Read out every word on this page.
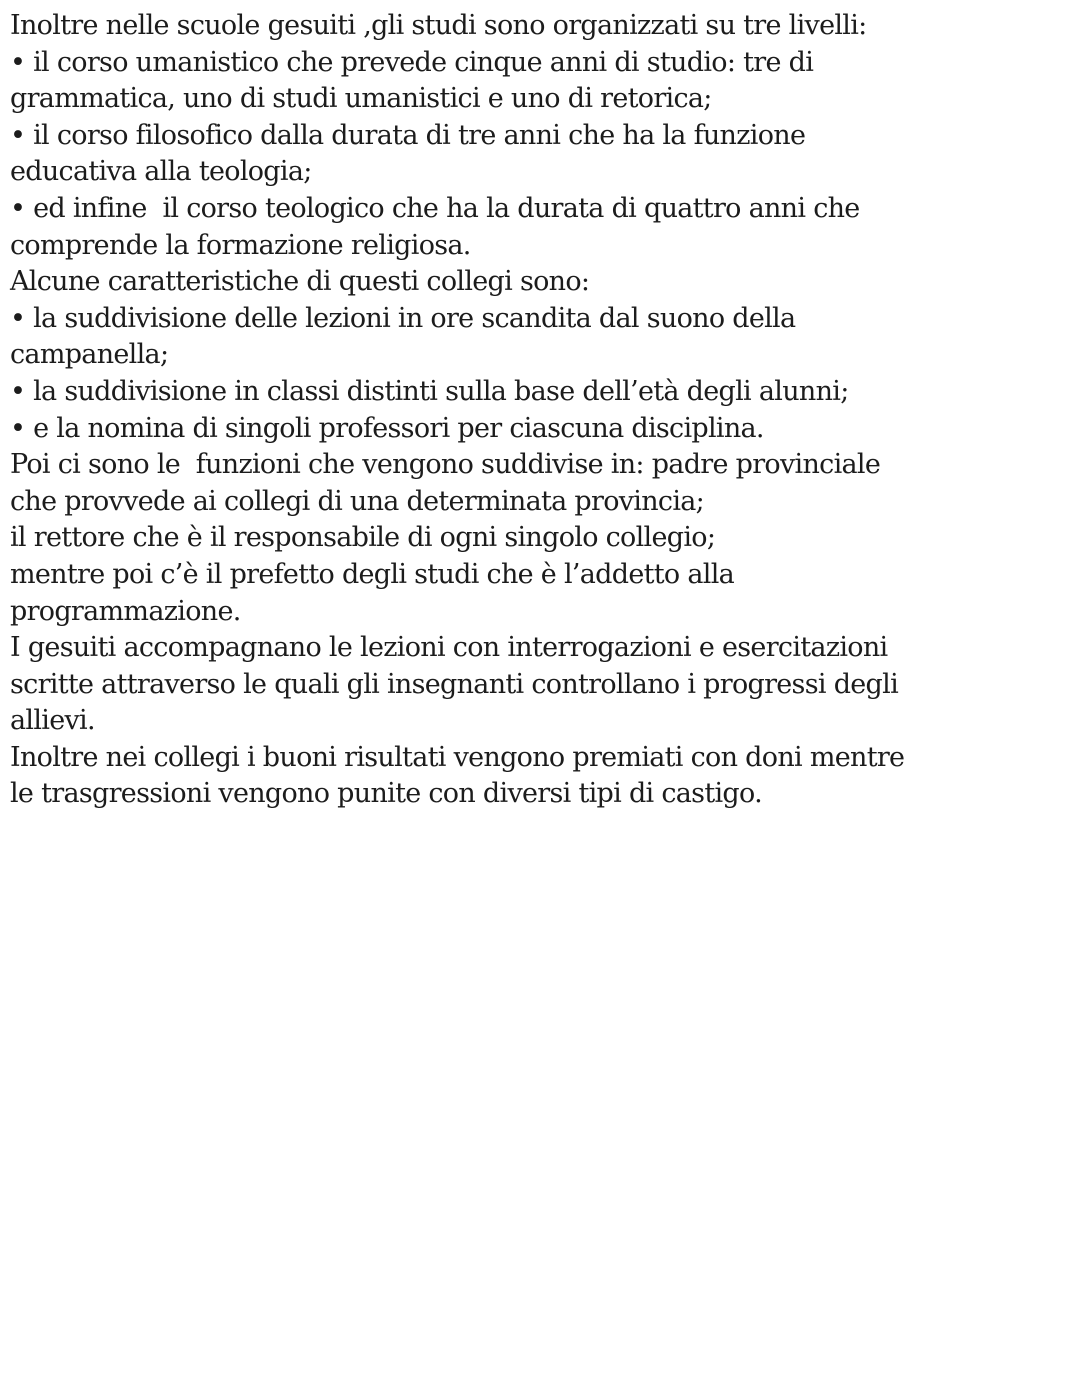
Inoltre nelle scuole gesuiti ,gli studi sono organizzati su tre livelli:
• il corso umanistico che prevede cinque anni di studio: tre di
grammatica, uno di studi umanistici e uno di retorica;
• il corso filosofico dalla durata di tre anni che ha la funzione
educativa alla teologia;
• ed infine  il corso teologico che ha la durata di quattro anni che
comprende la formazione religiosa.
Alcune caratteristiche di questi collegi sono:
• la suddivisione delle lezioni in ore scandita dal suono della
campanella;
• la suddivisione in classi distinti sulla base dell’età degli alunni;
• e la nomina di singoli professori per ciascuna disciplina.
Poi ci sono le  funzioni che vengono suddivise in: padre provinciale
che provvede ai collegi di una determinata provincia;
il rettore che è il responsabile di ogni singolo collegio;
mentre poi c’è il prefetto degli studi che è l’addetto alla
programmazione.
I gesuiti accompagnano le lezioni con interrogazioni e esercitazioni
scritte attraverso le quali gli insegnanti controllano i progressi degli
allievi.
Inoltre nei collegi i buoni risultati vengono premiati con doni mentre
le trasgressioni vengono punite con diversi tipi di castigo.
